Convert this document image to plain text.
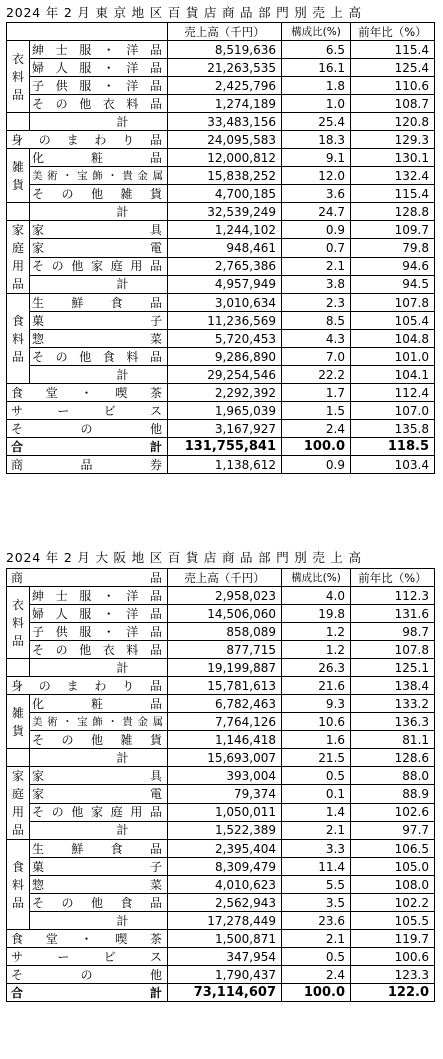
2024 年 2 月 東 京 地 区 百 貨 店 商 品 部 門 別 売 上 高
		売上高（千円）	構成比(%)	前年比（%）
衣料品	紳士服・洋品	8,519,636	6.5	115.4
	婦人服・洋品	21,263,535	16.1	125.4
	子供服・洋品	2,425,796	1.8	110.6
	その他衣料品	1,274,189	1.0	108.7
	計	33,483,156	25.4	120.8
身のまわり品		24,095,583	18.3	129.3
雑貨	化粧品	12,000,812	9.1	130.1
	美術・宝飾・貴金属	15,838,252	12.0	132.4
	その他雑貨	4,700,185	3.6	115.4
	計	32,539,249	24.7	128.8
家庭用品	家具	1,244,102	0.9	109.7
	家電	948,461	0.7	79.8
	その他家庭用品	2,765,386	2.1	94.6
	計	4,957,949	3.8	94.5
食料品	生鮮食品	3,010,634	2.3	107.8
	菓子	11,236,569	8.5	105.4
	惣菜	5,720,453	4.3	104.8
	その他食料品	9,286,890	7.0	101.0
	計	29,254,546	22.2	104.1
食堂・喫茶		2,292,392	1.7	112.4
サービス		1,965,039	1.5	107.0
その他		3,167,927	2.4	135.8
合計		131,755,841	100.0	118.5
商品券		1,138,612	0.9	103.4
2024 年 2 月 大 阪 地 区 百 貨 店 商 品 部 門 別 売 上 高
商品		売上高（千円）	構成比(%)	前年比（%）
衣料品	紳士服・洋品	2,958,023	4.0	112.3
	婦人服・洋品	14,506,060	19.8	131.6
	子供服・洋品	858,089	1.2	98.7
	その他衣料品	877,715	1.2	107.8
	計	19,199,887	26.3	125.1
身のまわり品		15,781,613	21.6	138.4
雑貨	化粧品	6,782,463	9.3	133.2
	美術・宝飾・貴金属	7,764,126	10.6	136.3
	その他雑貨	1,146,418	1.6	81.1
	計	15,693,007	21.5	128.6
家庭用品	家具	393,004	0.5	88.0
	家電	79,374	0.1	88.9
	その他家庭用品	1,050,011	1.4	102.6
	計	1,522,389	2.1	97.7
食料品	生鮮食品	2,395,404	3.3	106.5
	菓子	8,309,479	11.4	105.0
	惣菜	4,010,623	5.5	108.0
	その他食品	2,562,943	3.5	102.2
	計	17,278,449	23.6	105.5
食堂・喫茶		1,500,871	2.1	119.7
サービス		347,954	0.5	100.6
その他		1,790,437	2.4	123.3
合計		73,114,607	100.0	122.0
